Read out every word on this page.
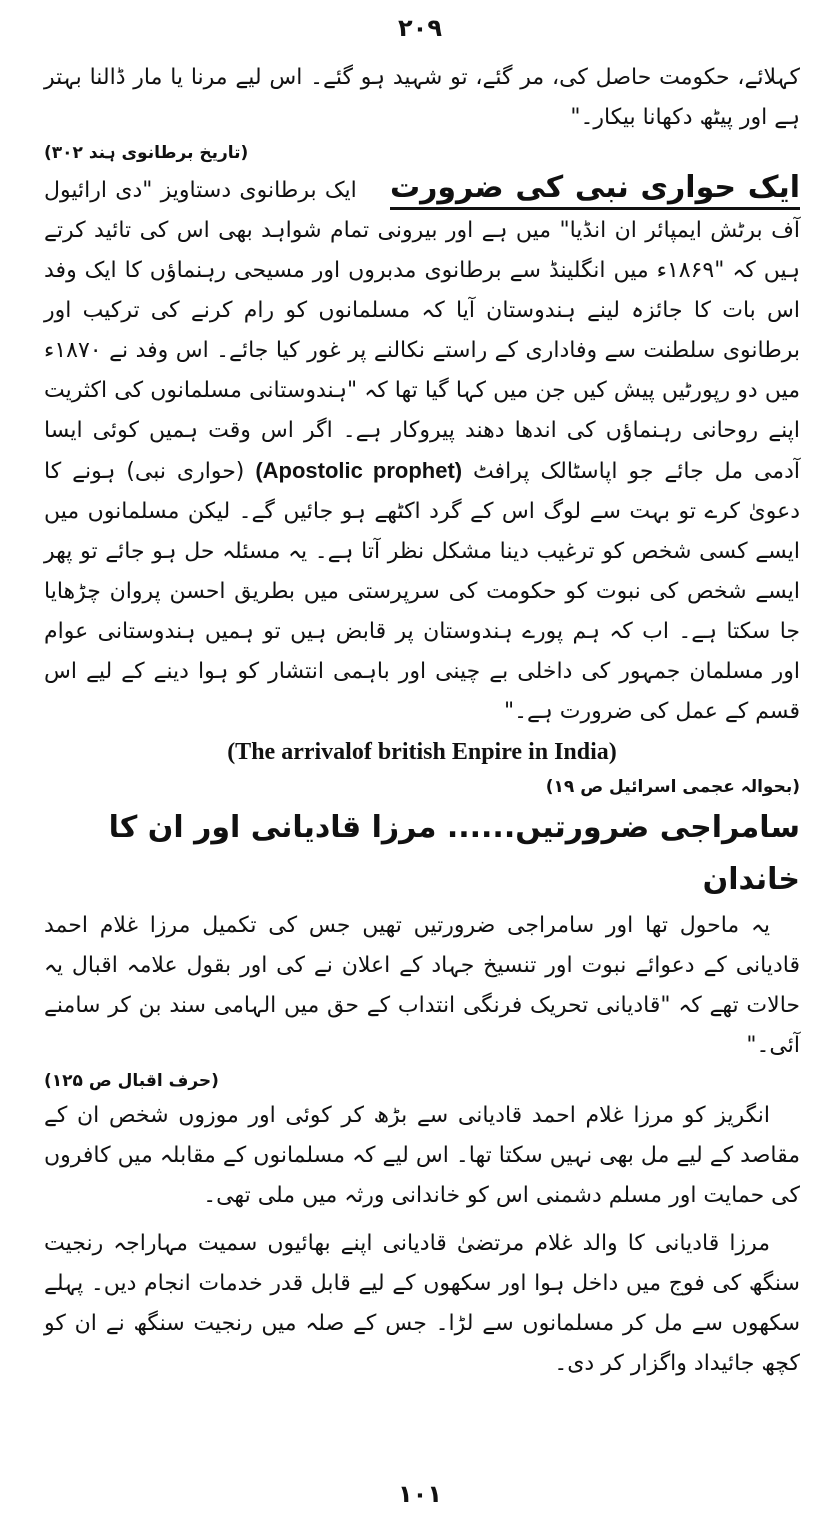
۲۰۹

کہلائے، حکومت حاصل کی، مر گئے، تو شہید ہو گئے۔ اس لیے مرنا یا مار ڈالنا بہتر ہے اور پیٹھ دکھانا بیکار۔"

(تاریخ برطانوی ہند ۳۰۲)

ایک حواری نبی کی ضرورت    ایک برطانوی دستاویز "دی ارائیول آف برٹش ایمپائر ان انڈیا" میں ہے اور بیرونی تمام شواہد بھی اس کی تائید کرتے ہیں کہ "۱۸۶۹ء میں انگلینڈ سے برطانوی مدبروں اور مسیحی رہنماؤں کا ایک وفد اس بات کا جائزہ لینے ہندوستان آیا کہ مسلمانوں کو رام کرنے کی ترکیب اور برطانوی سلطنت سے وفاداری کے راستے نکالنے پر غور کیا جائے۔ اس وفد نے ۱۸۷۰ء میں دو رپورٹیں پیش کیں جن میں کہا گیا تھا کہ "ہندوستانی مسلمانوں کی اکثریت اپنے روحانی رہنماؤں کی اندھا دھند پیروکار ہے۔ اگر اس وقت ہمیں کوئی ایسا آدمی مل جائے جو اپاسٹالک پرافٹ (Apostolic prophet) (حواری نبی) ہونے کا دعویٰ کرے تو بہت سے لوگ اس کے گرد اکٹھے ہو جائیں گے۔ لیکن مسلمانوں میں ایسے کسی شخص کو ترغیب دینا مشکل نظر آتا ہے۔ یہ مسئلہ حل ہو جائے تو پھر ایسے شخص کی نبوت کو حکومت کی سرپرستی میں بطریق احسن پروان چڑھایا جا سکتا ہے۔ اب کہ ہم پورے ہندوستان پر قابض ہیں تو ہمیں ہندوستانی عوام اور مسلمان جمہور کی داخلی بے چینی اور باہمی انتشار کو ہوا دینے کے لیے اس قسم کے عمل کی ضرورت ہے۔"

(The arrivalof british Enpire in India)

(بحوالہ عجمی اسرائیل ص ۱۹)

سامراجی ضرورتیں...... مرزا قادیانی اور ان کا خاندان

یہ ماحول تھا اور سامراجی ضرورتیں تھیں جس کی تکمیل مرزا غلام احمد قادیانی کے دعوائے نبوت اور تنسیخ جہاد کے اعلان نے کی اور بقول علامہ اقبال یہ حالات تھے کہ "قادیانی تحریک فرنگی انتداب کے حق میں الہامی سند بن کر سامنے آئی۔"

(حرف اقبال ص ۱۲۵)

انگریز کو مرزا غلام احمد قادیانی سے بڑھ کر کوئی اور موزوں شخص ان کے مقاصد کے لیے مل بھی نہیں سکتا تھا۔ اس لیے کہ مسلمانوں کے مقابلہ میں کافروں کی حمایت اور مسلم دشمنی اس کو خاندانی ورثہ میں ملی تھی۔

مرزا قادیانی کا والد غلام مرتضیٰ قادیانی اپنے بھائیوں سمیت مہاراجہ رنجیت سنگھ کی فوج میں داخل ہوا اور سکھوں کے لیے قابل قدر خدمات انجام دیں۔ پہلے سکھوں سے مل کر مسلمانوں سے لڑا۔ جس کے صلہ میں رنجیت سنگھ نے ان کو کچھ جائیداد واگزار کر دی۔

۱۰۱
